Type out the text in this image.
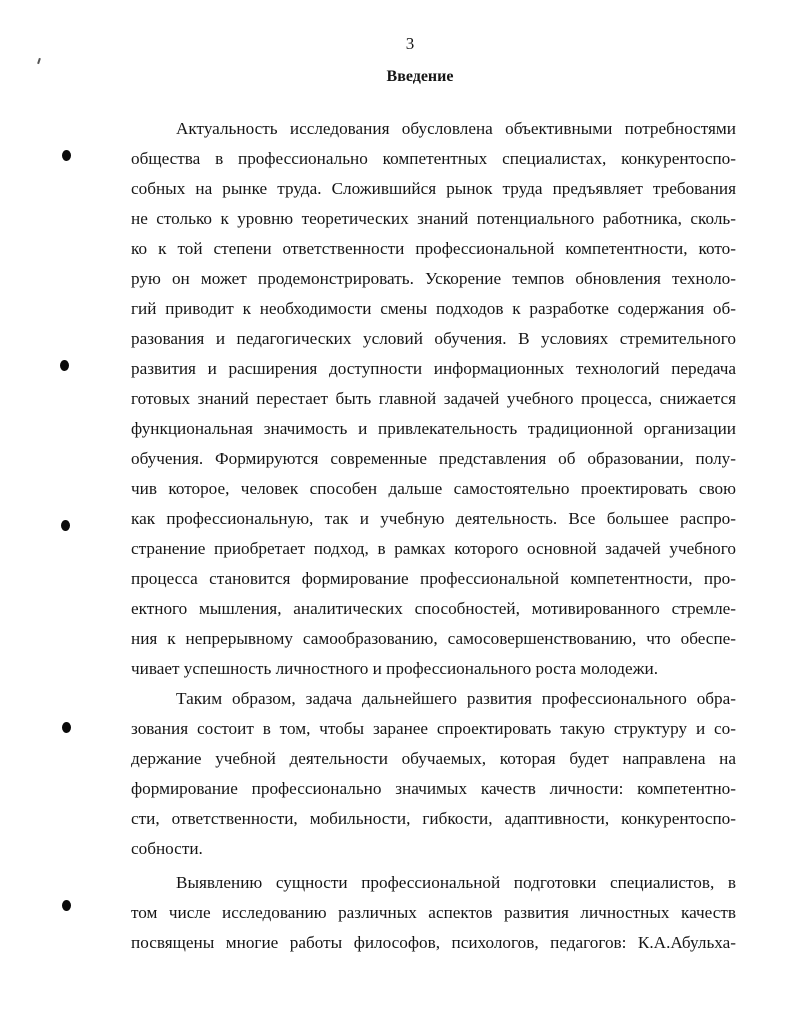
3
Введение
Актуальность исследования обусловлена объективными потребностями
общества в профессионально компетентных специалистах, конкурентоспо-
собных на рынке труда. Сложившийся рынок труда предъявляет требования
не столько к уровню теоретических знаний потенциального работника, сколь-
ко к той степени ответственности профессиональной компетентности, кото-
рую он может продемонстрировать. Ускорение темпов обновления техноло-
гий приводит к необходимости смены подходов к разработке содержания об-
разования и педагогических условий обучения. В условиях стремительного
развития и расширения доступности информационных технологий передача
готовых знаний перестает быть главной задачей учебного процесса, снижается
функциональная значимость и привлекательность традиционной организации
обучения. Формируются современные представления об образовании, полу-
чив которое, человек способен дальше самостоятельно проектировать свою
как профессиональную, так и учебную деятельность. Все большее распро-
странение приобретает подход, в рамках которого основной задачей учебного
процесса становится формирование профессиональной компетентности, про-
ектного мышления, аналитических способностей, мотивированного стремле-
ния к непрерывному самообразованию, самосовершенствованию, что обеспе-
чивает успешность личностного и профессионального роста молодежи.
Таким образом, задача дальнейшего развития профессионального обра-
зования состоит в том, чтобы заранее спроектировать такую структуру и со-
держание учебной деятельности обучаемых, которая будет направлена на
формирование профессионально значимых качеств личности: компетентно-
сти, ответственности, мобильности, гибкости, адаптивности, конкурентоспо-
собности.
Выявлению сущности профессиональной подготовки специалистов, в
том числе исследованию различных аспектов развития личностных качеств
посвящены многие работы философов, психологов, педагогов: К.А.Абульха-
